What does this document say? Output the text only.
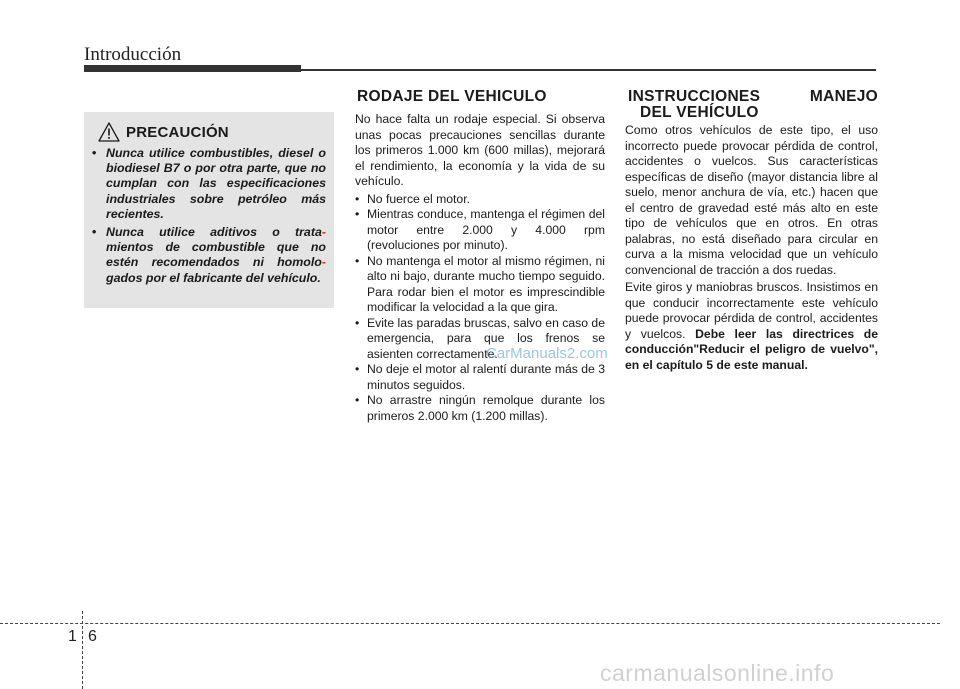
Introducción
PRECAUCIÓN
• Nunca utilice combustibles, diesel o biodiesel B7 o por otra parte, que no cumplan con las especificaciones industriales sobre petróleo más recientes.
• Nunca utilice aditivos o trata- mientos de combustible que no estén recomendados ni homolo- gados por el fabricante del vehículo.
RODAJE DEL VEHICULO

No hace falta un rodaje especial. Si observa unas pocas precauciones sencillas durante los primeros 1.000 km (600 millas), mejorará el rendimiento, la economía y la vida de su vehículo.

• No fuerce el motor.
• Mientras conduce, mantenga el régimen del motor entre 2.000 y 4.000 rpm (revoluciones por minuto).
• No mantenga el motor al mismo régimen, ni alto ni bajo, durante mucho tiempo seguido. Para rodar bien el motor es imprescindible modificar la velocidad a la que gira.
• Evite las paradas bruscas, salvo en caso de emergencia, para que los frenos se asienten correctamente.
• No deje el motor al ralentí durante más de 3 minutos seguidos.
• No arrastre ningún remolque durante los primeros 2.000 km (1.200 millas).
INSTRUCCIONES	MANEJO
DEL VEHÍCULO

Como otros vehículos de este tipo, el uso incorrecto puede provocar pérdida de control, accidentes o vuelcos. Sus características específicas de diseño (mayor distancia libre al suelo, menor anchura de vía, etc.) hacen que el centro de gravedad esté más alto en este tipo de vehículos que en otros. En otras palabras, no está diseñado para circular en curva a la misma velocidad que un vehículo convencional de tracción a dos ruedas.

Evite giros y maniobras bruscos. Insistimos en que conducir incorrectamente este vehículo puede provocar pérdida de control, accidentes y vuelcos. Debe leer las directrices de conducción"Reducir el peligro de vuelvo", en el capítulo 5 de este manual.

CarManuals2.com
1 6
carmanualsonline.info
